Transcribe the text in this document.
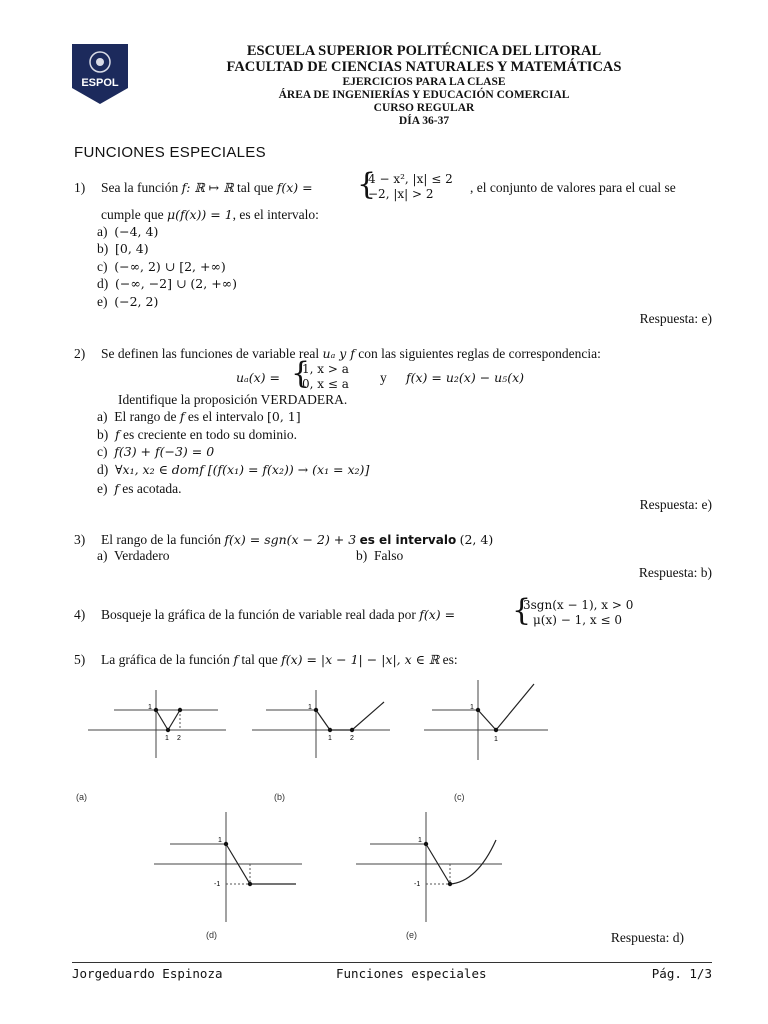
ESPOL
ESCUELA SUPERIOR POLITÉCNICA DEL LITORAL
FACULTAD DE CIENCIAS NATURALES Y MATEMÁTICAS
EJERCICIOS PARA LA CLASE
ÁREA DE INGENIERÍAS Y EDUCACIÓN COMERCIAL
CURSO REGULAR
DÍA 36-37
FUNCIONES ESPECIALES
1) Sea la función f: ℝ ↦ ℝ tal que f(x) = {
4 − x², |x| ≤ 2
−2, |x| > 2	, el conjunto de valores para el cual se
cumple que μ(f(x)) = 1, es el intervalo:
a) (−4, 4)
b) [0, 4)
c) (−∞, 2) ∪ [2, +∞)
d) (−∞, −2] ∪ (2, +∞)
e) (−2, 2)
Respuesta: e)
2) Se definen las funciones de variable real uₐ y f con las siguientes reglas de correspondencia:
uₐ(x) = {
1, x > a
0, x ≤ a y f(x) = u₂(x) − u₅(x)
Identifique la proposición VERDADERA.
a) El rango de f es el intervalo [0, 1]
b) f es creciente en todo su dominio.
c) f(3) + f(−3) = 0
d) ∀x₁, x₂ ∈ domf [(f(x₁) = f(x₂)) → (x₁ = x₂)]
e) f es acotada.
Respuesta: e)
3) El rango de la función f(x) = sgn(x − 2) + 3 es el intervalo (2, 4)
a) Verdadero	b) Falso
Respuesta: b)
4) Bosqueje la gráfica de la función de variable real dada por f(x) = {
3sgn(x − 1), x > 0
μ(x) − 1, x ≤ 0
5) La gráfica de la función f tal que f(x) = |x − 1| − |x|, x ∈ ℝ es:
1
1 2
(a)
1
1	2
(b)
1
1
(c)
1
-1
(d)
1
-1
(e)	Respuesta: d)
Jorgeduardo Espinoza	Funciones especiales	Pág. 1/3
